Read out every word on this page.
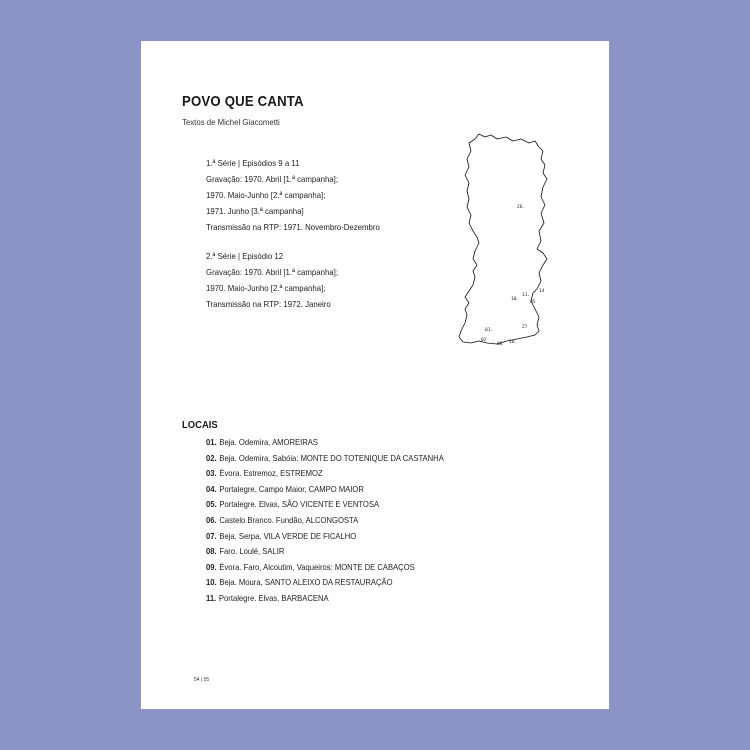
POVO QUE CANTA

Textos de Michel Giacometti

1.ª Série | Episódios 9 a 11
Gravação: 1970. Abril [1.ª campanha];
1970. Maio-Junho [2.ª campanha];
1971. Junho [3.ª campanha]
Transmissão na RTP: 1971. Novembro-Dezembro
2.ª Série | Episódio 12
Gravação: 1970. Abril [1.ª campanha];
1970. Maio-Junho [2.ª campanha];
Transmissão na RTP: 1972. Janeiro
26.
14
11.
10.
05
27
01.
02	18.
08
LOCAIS
01. Beja. Odemira, AMOREIRAS
02. Beja. Odemira, Sabóia: MONTE DO TOTENIQUE DA CASTANHA
03. Évora. Estremoz, ESTREMOZ
04. Portalegre. Campo Maior, CAMPO MAIOR
05. Portalegre. Elvas, SÃO VICENTE E VENTOSA
06. Castelo Branco. Fundão, ALCONGOSTA
07. Beja. Serpa, VILA VERDE DE FICALHO
08. Faro. Loulé, SALIR
09. Évora. Faro, Alcoutim, Vaqueiros: MONTE DE CABAÇOS
10. Beja. Moura, SANTO ALEIXO DA RESTAURAÇÃO
11. Portalegre. Elvas, BARBACENA
54 | 55
